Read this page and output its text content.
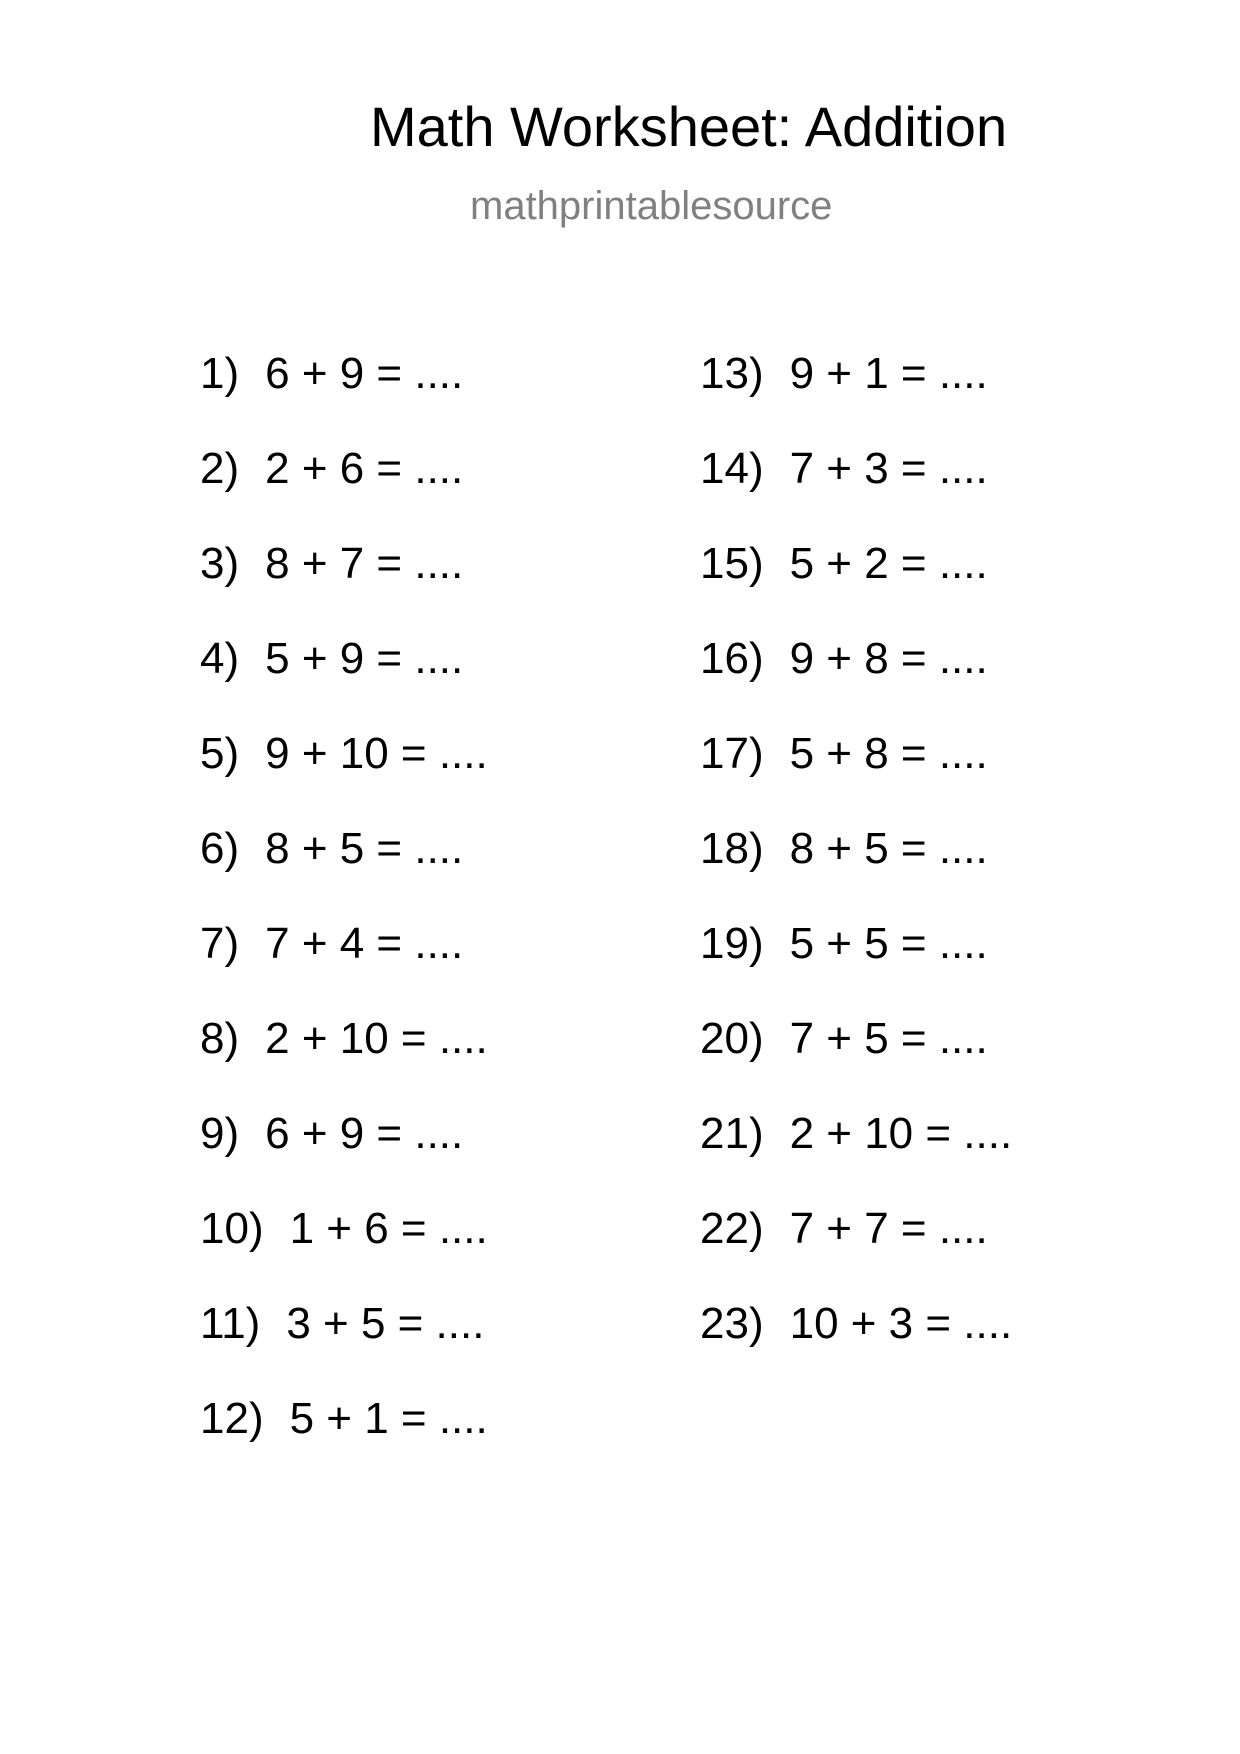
Math Worksheet: Addition
mathprintablesource
1) 6 + 9 = ....
2) 2 + 6 = ....
3) 8 + 7 = ....
4) 5 + 9 = ....
5) 9 + 10 = ....
6) 8 + 5 = ....
7) 7 + 4 = ....
8) 2 + 10 = ....
9) 6 + 9 = ....
10) 1 + 6 = ....
11) 3 + 5 = ....
12) 5 + 1 = ....
13) 9 + 1 = ....
14) 7 + 3 = ....
15) 5 + 2 = ....
16) 9 + 8 = ....
17) 5 + 8 = ....
18) 8 + 5 = ....
19) 5 + 5 = ....
20) 7 + 5 = ....
21) 2 + 10 = ....
22) 7 + 7 = ....
23) 10 + 3 = ....
